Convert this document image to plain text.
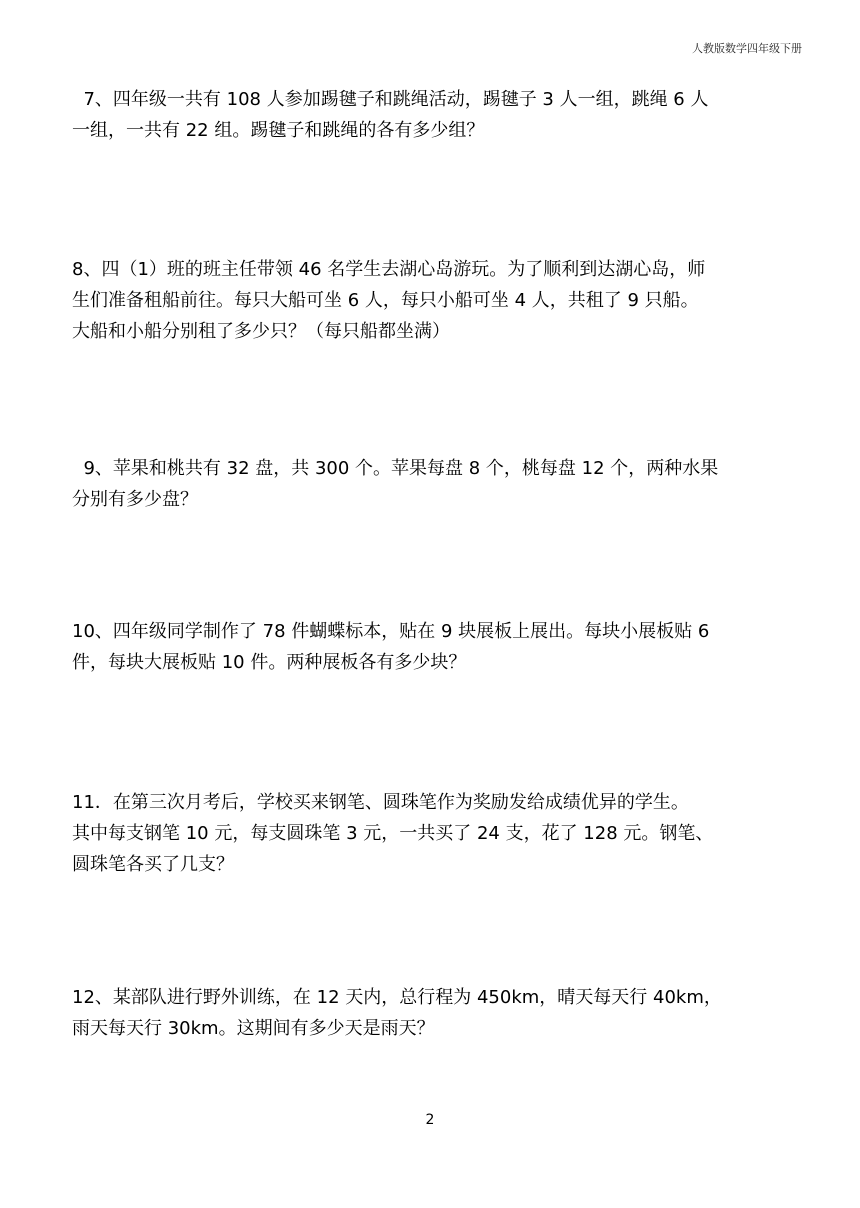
人教版数学四年级下册
7、四年级一共有 108 人参加踢毽子和跳绳活动，踢毽子 3 人一组，跳绳 6 人
一组，一共有 22 组。踢毽子和跳绳的各有多少组？
8、四（1）班的班主任带领 46 名学生去湖心岛游玩。为了顺利到达湖心岛，师
生们准备租船前往。每只大船可坐 6 人，每只小船可坐 4 人，共租了 9 只船。
大船和小船分别租了多少只？（每只船都坐满）
9、苹果和桃共有 32 盘，共 300 个。苹果每盘 8 个，桃每盘 12 个，两种水果
分别有多少盘？
10、四年级同学制作了 78 件蝴蝶标本，贴在 9 块展板上展出。每块小展板贴 6
件，每块大展板贴 10 件。两种展板各有多少块？
11．在第三次月考后，学校买来钢笔、圆珠笔作为奖励发给成绩优异的学生。
其中每支钢笔 10 元，每支圆珠笔 3 元，一共买了 24 支，花了 128 元。钢笔、
圆珠笔各买了几支？
12、某部队进行野外训练，在 12 天内，总行程为 450km，晴天每天行 40km，
雨天每天行 30km。这期间有多少天是雨天？
2
